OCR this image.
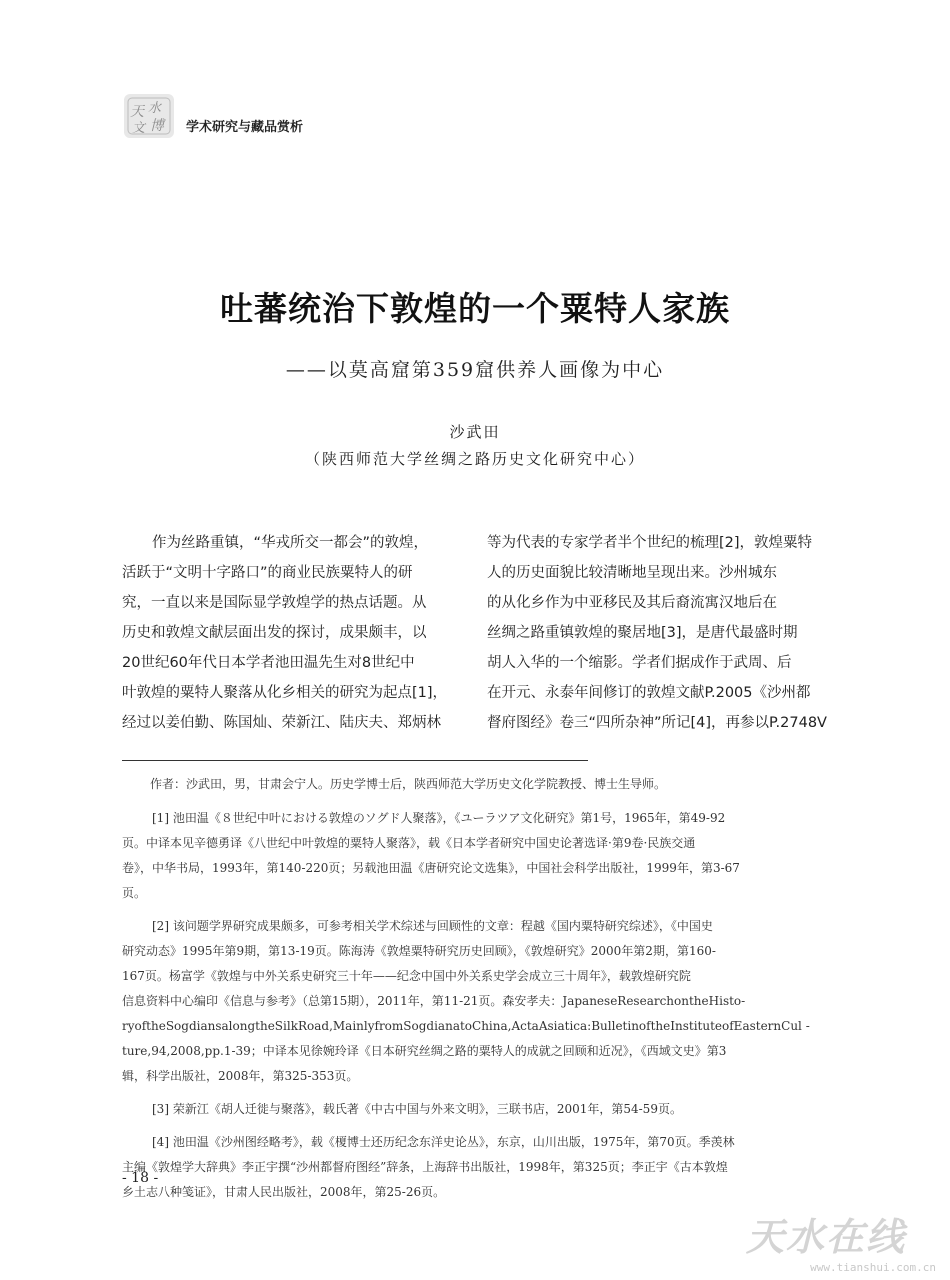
天 水
文 博 学术研究与藏品赏析
吐蕃统治下敦煌的一个粟特人家族
——以莫高窟第359窟供养人画像为中心
沙武田
（陕西师范大学丝绸之路历史文化研究中心）
作为丝路重镇，“华戎所交一都会”的敦煌，
活跃于“文明十字路口”的商业民族粟特人的研
究，一直以来是国际显学敦煌学的热点话题。从
历史和敦煌文献层面出发的探讨，成果颇丰，以
20世纪60年代日本学者池田温先生对8世纪中
叶敦煌的粟特人聚落从化乡相关的研究为起点[1]，
经过以姜伯勤、陈国灿、荣新江、陆庆夫、郑炳林
等为代表的专家学者半个世纪的梳理[2]，敦煌粟特
人的历史面貌比较清晰地呈现出来。沙州城东
的从化乡作为中亚移民及其后裔流寓汉地后在
丝绸之路重镇敦煌的聚居地[3]，是唐代最盛时期
胡人入华的一个缩影。学者们据成作于武周、后
在开元、永泰年间修订的敦煌文献P.2005《沙州都
督府图经》卷三“四所杂神”所记[4]，再参以P.2748V
作者：沙武田，男，甘肃会宁人。历史学博士后，陕西师范大学历史文化学院教授、博士生导师。
[1] 池田温《８世纪中叶における敦煌のソグド人聚落》，《ユーラツア文化研究》第1号，1965年，第49-92
页。中译本见辛德勇译《八世纪中叶敦煌的粟特人聚落》，载《日本学者研究中国史论著选译·第9卷·民族交通
卷》，中华书局，1993年，第140-220页；另载池田温《唐研究论文选集》，中国社会科学出版社，1999年，第3-67
页。
[2] 该问题学界研究成果颇多，可参考相关学术综述与回顾性的文章：程越《国内粟特研究综述》，《中国史
研究动态》1995年第9期，第13-19页。陈海涛《敦煌粟特研究历史回顾》，《敦煌研究》2000年第2期，第160-
167页。杨富学《敦煌与中外关系史研究三十年——纪念中国中外关系史学会成立三十周年》，载敦煌研究院
信息资料中心编印《信息与参考》（总第15期），2011年，第11-21页。森安孝夫：JapaneseResearchontheHisto-
ryoftheSogdiansalongtheSilkRoad,MainlyfromSogdianatoChina,ActaAsiatica:BulletinoftheInstituteofEasternCul -
ture,94,2008,pp.1-39；中译本见徐婉玲译《日本研究丝绸之路的粟特人的成就之回顾和近况》，《西域文史》第3
辑，科学出版社，2008年，第325-353页。
[3] 荣新江《胡人迁徙与聚落》，载氏著《中古中国与外来文明》，三联书店，2001年，第54-59页。
[4] 池田温《沙州图经略考》，载《榎博士还历纪念东洋史论丛》，东京，山川出版，1975年，第70页。季羡林
主编《敦煌学大辞典》李正宇撰“沙州都督府图经”辞条，上海辞书出版社，1998年，第325页；李正宇《古本敦煌
乡土志八种笺证》，甘肃人民出版社，2008年，第25-26页。
- 18 -
天水在线
www.tianshui.com.cn
